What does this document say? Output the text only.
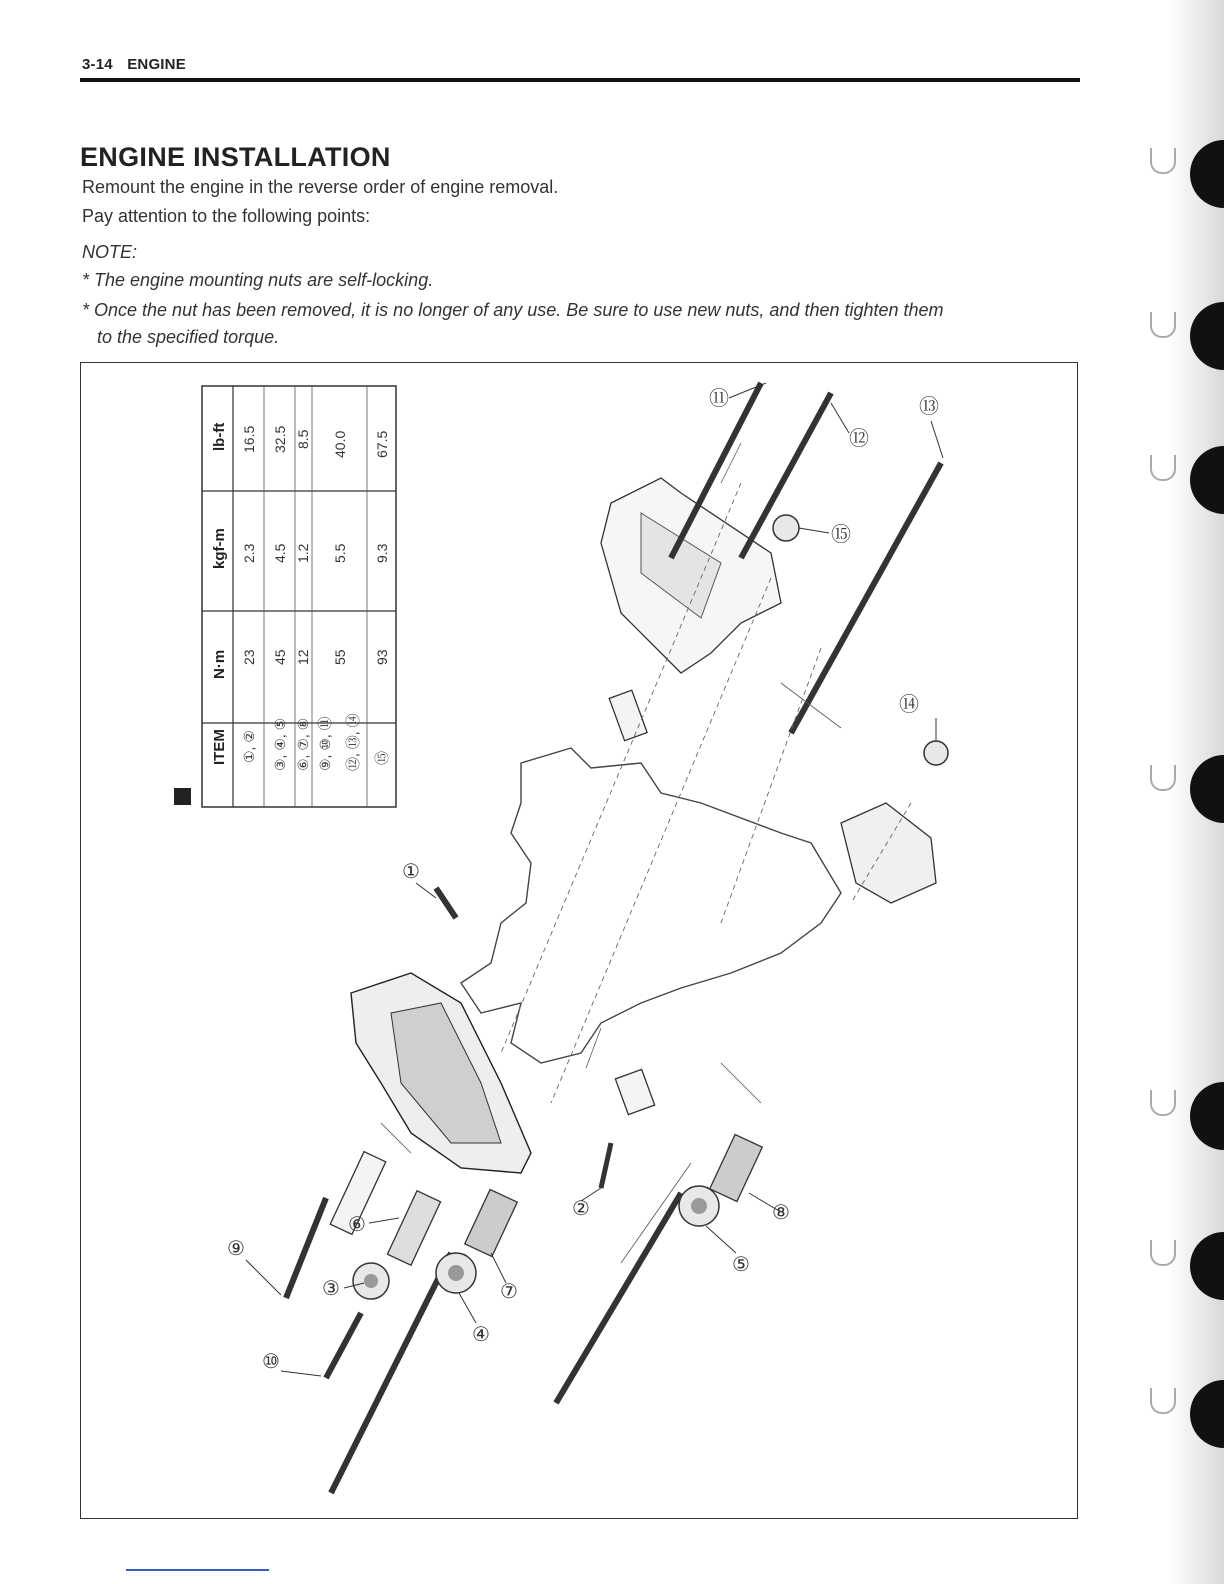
3-14 ENGINE
ENGINE INSTALLATION
Remount the engine in the reverse order of engine removal.
Pay attention to the following points:
NOTE:
* The engine mounting nuts are self-locking.
* Once the nut has been removed, it is no longer of any use. Be sure to use new nuts, and then tighten them
to the specified torque.
ITEM
N·m
kgf-m
lb-ft
①, ②
23
2.3
16.5
③, ④, ⑤
45
4.5
32.5
⑥, ⑦, ⑧
12
1.2
8.5
⑨, ⑩, ⑪ ⑫, ⑬, ⑭
55
5.5
40.0
⑮
93
9.3
67.5
⑪
⑫
⑬
⑭
⑮
①
②
③
④
⑤
⑥
⑦
⑧
⑨
⑩
